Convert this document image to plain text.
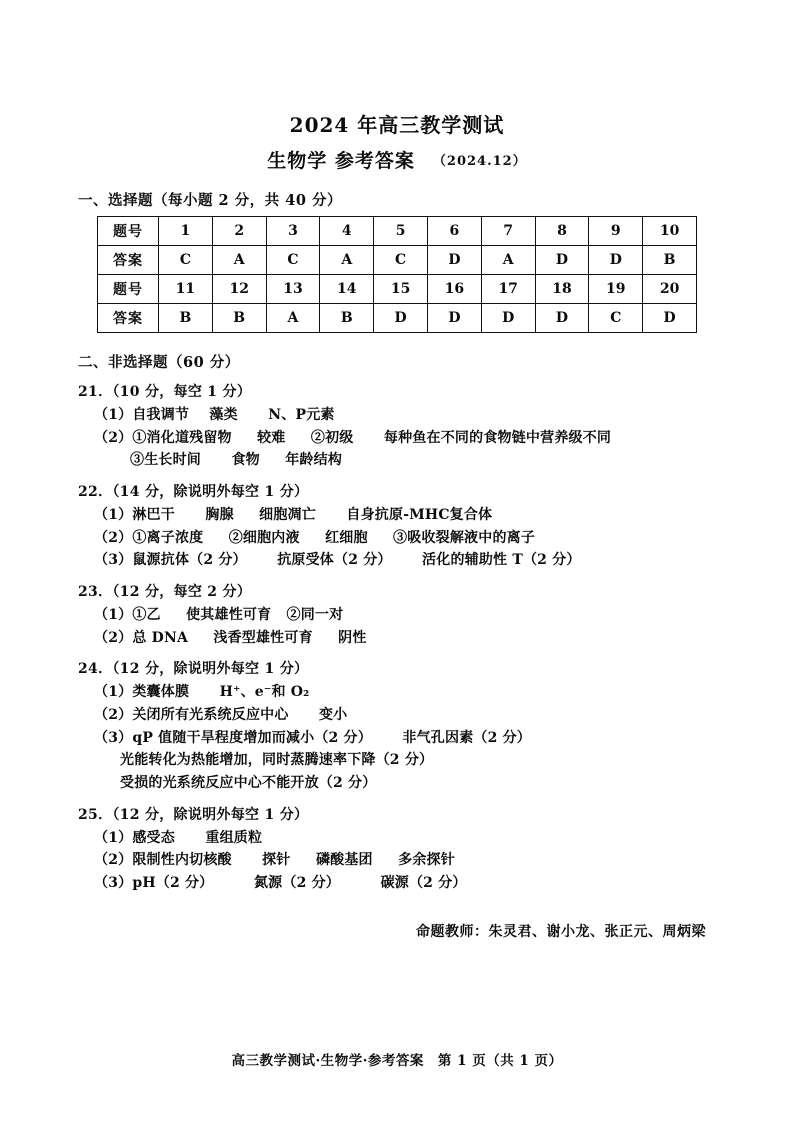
2024 年高三教学测试
生物学 参考答案 （2024.12）
一、选择题（每小题 2 分，共 40 分）
题号	1	2	3	4	5	6	7	8	9	10
答案	C	A	C	A	C	D	A	D	D	B
题号	11	12	13	14	15	16	17	18	19	20
答案	B	B	A	B	D	D	D	D	C	D
二、非选择题（60 分）
21．（10 分，每空 1 分）
（1）自我调节    藻类      N、P元素
（2）①消化道残留物     较难     ②初级      每种鱼在不同的食物链中营养级不同
③生长时间      食物     年龄结构
22．（14 分，除说明外每空 1 分）
（1）淋巴干      胸腺     细胞凋亡      自身抗原-MHC复合体
（2）①离子浓度     ②细胞内液     红细胞     ③吸收裂解液中的离子
（3）鼠源抗体（2 分）      抗原受体（2 分）      活化的辅助性 T（2 分）
23．（12 分，每空 2 分）
（1）①乙     使其雄性可育   ②同一对
（2）总 DNA     浅香型雄性可育     阴性
24．（12 分，除说明外每空 1 分）
（1）类囊体膜      H⁺、e⁻和 O₂
（2）关闭所有光系统反应中心      变小
（3）qP 值随干旱程度增加而减小（2 分）      非气孔因素（2 分）
光能转化为热能增加，同时蒸腾速率下降（2 分）
受损的光系统反应中心不能开放（2 分）
25．（12 分，除说明外每空 1 分）
（1）感受态      重组质粒
（2）限制性内切核酸      探针     磷酸基团     多余探针
（3）pH（2 分）        氮源（2 分）        碳源（2 分）
命题教师：朱灵君、谢小龙、张正元、周炳梁
高三教学测试·生物学·参考答案 第 1 页（共 1 页）
